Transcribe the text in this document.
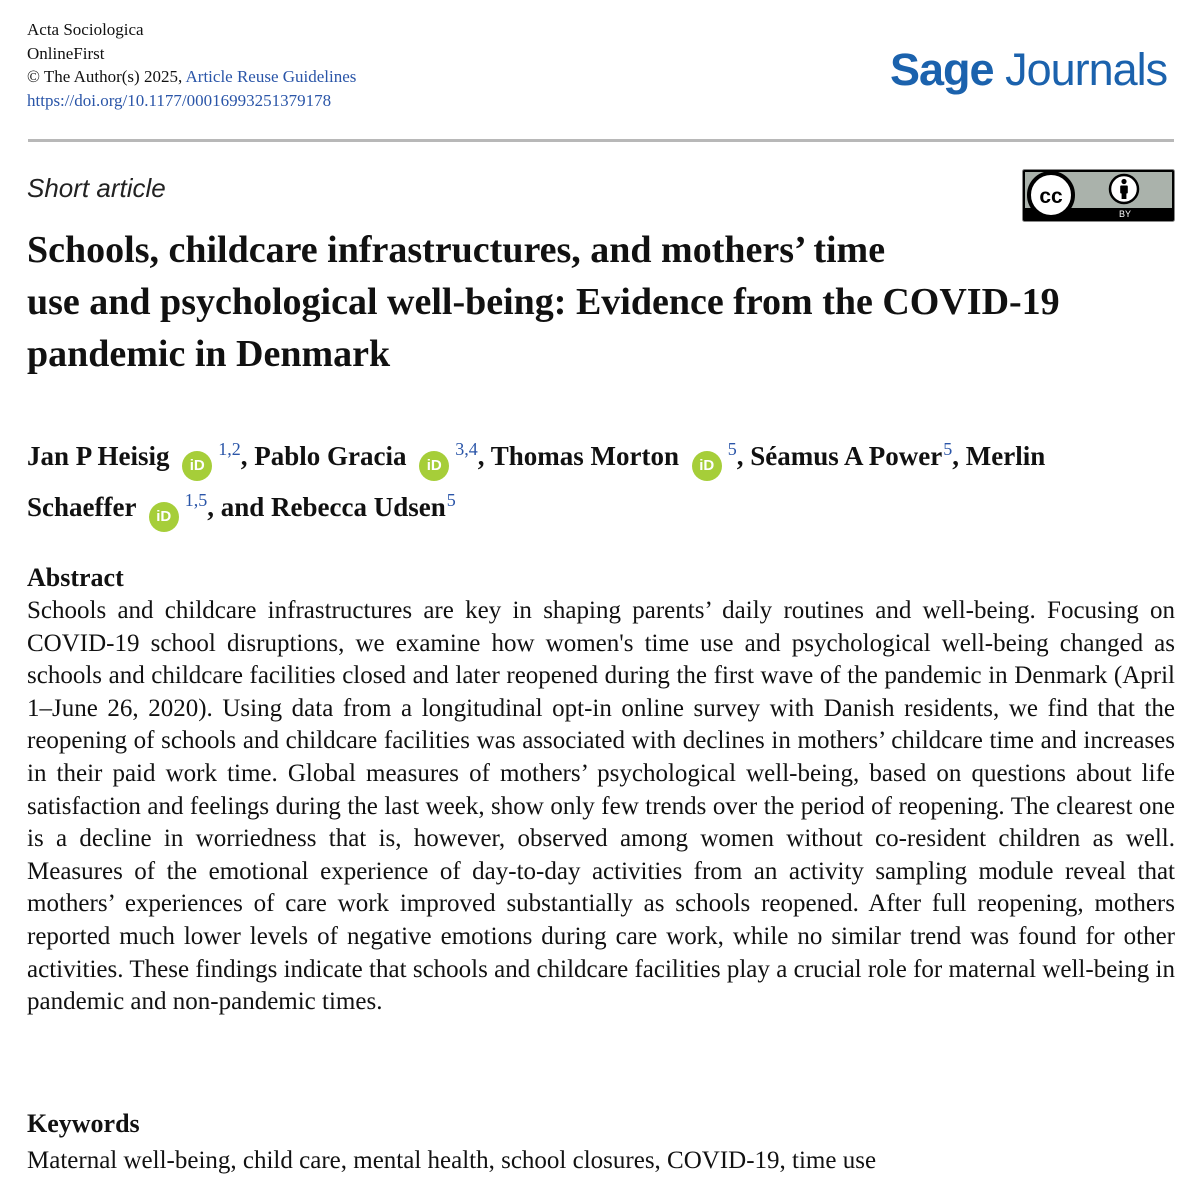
Acta Sociologica
OnlineFirst
© The Author(s) 2025, Article Reuse Guidelines
https://doi.org/10.1177/00016993251379178
Sage Journals
Short article	cc
BY
Schools, childcare infrastructures, and mothers’ time
use and psychological well-being: Evidence from the COVID-19
pandemic in Denmark
Jan P Heisig iD$^{1,2}$, Pablo Gracia iD$^{3,4}$, Thomas Morton iD$^5$, Séamus A Power$^5$, Merlin
Schaeffer iD$^{1,5}$, and Rebecca Udsen$^5$
Abstract

Schools and childcare infrastructures are key in shaping parents’ daily routines and well-being. Focusing on COVID-19 school disruptions, we examine how women's time use and psychological well-being changed as schools and childcare facilities closed and later reopened during the first wave of the pandemic in Denmark (April 1–June 26, 2020). Using data from a longitudinal opt-in online survey with Danish residents, we find that the reopening of schools and childcare facilities was associated with declines in mothers’ childcare time and increases in their paid work time. Global measures of mothers’ psychological well-being, based on questions about life satisfaction and feelings during the last week, show only few trends over the period of reopening. The clearest one is a decline in worriedness that is, however, observed among women without co-resident children as well. Measures of the emotional experience of day-to-day activities from an activity sampling module reveal that mothers’ experiences of care work improved substantially as schools reopened. After full reopening, mothers reported much lower levels of negative emotions during care work, while no similar trend was found for other activities. These findings indicate that schools and childcare facilities play a crucial role for maternal well-being in pandemic and non-pandemic times.

Keywords
Maternal well-being, child care, mental health, school closures, COVID-19, time use
